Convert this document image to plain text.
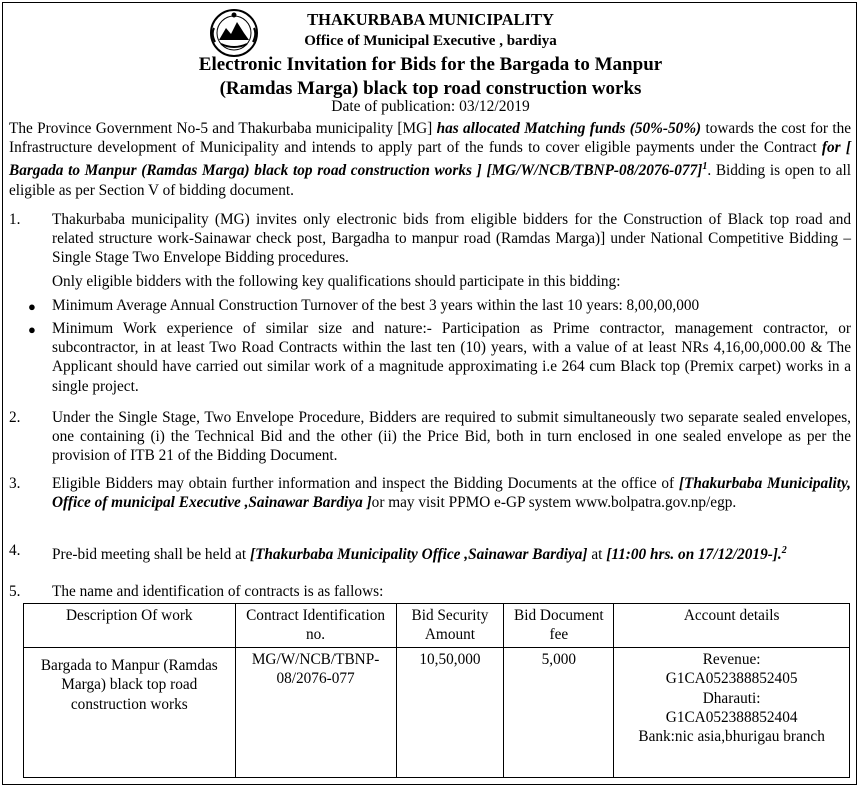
THAKURBABA MUNICIPALITY
Office of Municipal Executive , bardiya
Electronic Invitation for Bids for the Bargada to Manpur
(Ramdas Marga) black top road construction works
Date of publication: 03/12/2019
The Province Government No-5 and Thakurbaba municipality [MG] has allocated Matching funds (50%-50%) towards the cost for the Infrastructure development of Municipality and intends to apply part of the funds to cover eligible payments under the Contract for [ Bargada to Manpur (Ramdas Marga) black top road construction works ] [MG/W/NCB/TBNP-08/2076-077]$^1$. Bidding is open to all eligible as per Section V of bidding document.
1. Thakurbaba municipality (MG) invites only electronic bids from eligible bidders for the Construction of Black top road and related structure work-Sainawar check post, Bargadha to manpur road (Ramdas Marga)] under National Competitive Bidding – Single Stage Two Envelope Bidding procedures.
Only eligible bidders with the following key qualifications should participate in this bidding:
● Minimum Average Annual Construction Turnover of the best 3 years within the last 10 years: 8,00,00,000
● Minimum Work experience of similar size and nature:- Participation as Prime contractor, management contractor, or subcontractor, in at least Two Road Contracts within the last ten (10) years, with a value of at least NRs 4,16,00,000.00 & The Applicant should have carried out similar work of a magnitude approximating i.e 264 cum Black top (Premix carpet) works in a single project.
2. Under the Single Stage, Two Envelope Procedure, Bidders are required to submit simultaneously two separate sealed envelopes, one containing (i) the Technical Bid and the other (ii) the Price Bid, both in turn enclosed in one sealed envelope as per the provision of ITB 21 of the Bidding Document.
3. Eligible Bidders may obtain further information and inspect the Bidding Documents at the office of [Thakurbaba Municipality, Office of municipal Executive ,Sainawar Bardiya ]or may visit PPMO e-GP system www.bolpatra.gov.np/egp.
4. Pre-bid meeting shall be held at [Thakurbaba Municipality Office ,Sainawar Bardiya] at [11:00 hrs. on 17/12/2019-].$^2$
5. The name and identification of contracts is as fallows:
Description Of work	Contract Identification no.	Bid Security Amount	Bid Document fee	Account details
Bargada to Manpur (Ramdas Marga) black top road construction works	MG/W/NCB/TBNP-08/2076-077	10,50,000	5,000	Revenue:
G1CA052388852405
Dharauti:
G1CA052388852404
Bank:nic asia,bhurigau branch
